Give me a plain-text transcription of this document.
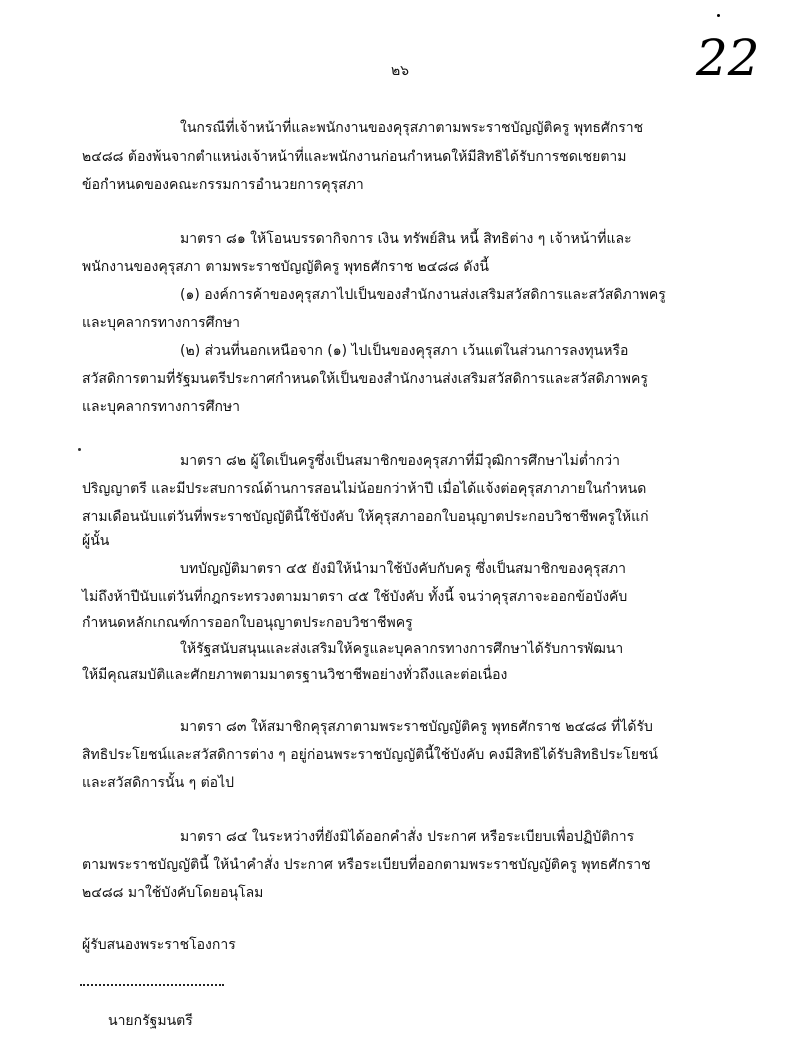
22
๒๖
ในกรณีที่เจ้าหน้าที่และพนักงานของคุรุสภาตามพระราชบัญญัติครู พุทธศักราช
๒๔๘๘ ต้องพ้นจากตำแหน่งเจ้าหน้าที่และพนักงานก่อนกำหนดให้มีสิทธิได้รับการชดเชยตาม
ข้อกำหนดของคณะกรรมการอำนวยการคุรุสภา
มาตรา ๘๑ ให้โอนบรรดากิจการ เงิน ทรัพย์สิน หนี้ สิทธิต่าง ๆ เจ้าหน้าที่และ
พนักงานของคุรุสภา ตามพระราชบัญญัติครู พุทธศักราช ๒๔๘๘ ดังนี้
(๑) องค์การค้าของคุรุสภาไปเป็นของสำนักงานส่งเสริมสวัสดิการและสวัสดิภาพครู
และบุคลากรทางการศึกษา
(๒) ส่วนที่นอกเหนือจาก (๑) ไปเป็นของคุรุสภา เว้นแต่ในส่วนการลงทุนหรือ
สวัสดิการตามที่รัฐมนตรีประกาศกำหนดให้เป็นของสำนักงานส่งเสริมสวัสดิการและสวัสดิภาพครู
และบุคลากรทางการศึกษา
มาตรา ๘๒ ผู้ใดเป็นครูซึ่งเป็นสมาชิกของคุรุสภาที่มีวุฒิการศึกษาไม่ต่ำกว่า
ปริญญาตรี และมีประสบการณ์ด้านการสอนไม่น้อยกว่าห้าปี เมื่อได้แจ้งต่อคุรุสภาภายในกำหนด
สามเดือนนับแต่วันที่พระราชบัญญัตินี้ใช้บังคับ ให้คุรุสภาออกใบอนุญาตประกอบวิชาชีพครูให้แก่
ผู้นั้น
บทบัญญัติมาตรา ๔๕ ยังมิให้นำมาใช้บังคับกับครู ซึ่งเป็นสมาชิกของคุรุสภา
ไม่ถึงห้าปีนับแต่วันที่กฎกระทรวงตามมาตรา ๔๕ ใช้บังคับ ทั้งนี้ จนว่าคุรุสภาจะออกข้อบังคับ
กำหนดหลักเกณฑ์การออกใบอนุญาตประกอบวิชาชีพครู
ให้รัฐสนับสนุนและส่งเสริมให้ครูและบุคลากรทางการศึกษาได้รับการพัฒนา
ให้มีคุณสมบัติและศักยภาพตามมาตรฐานวิชาชีพอย่างทั่วถึงและต่อเนื่อง
มาตรา ๘๓ ให้สมาชิกคุรุสภาตามพระราชบัญญัติครู พุทธศักราช ๒๔๘๘ ที่ได้รับ
สิทธิประโยชน์และสวัสดิการต่าง ๆ อยู่ก่อนพระราชบัญญัตินี้ใช้บังคับ คงมีสิทธิได้รับสิทธิประโยชน์
และสวัสดิการนั้น ๆ ต่อไป
มาตรา ๘๔ ในระหว่างที่ยังมิได้ออกคำสั่ง ประกาศ หรือระเบียบเพื่อปฏิบัติการ
ตามพระราชบัญญัตินี้ ให้นำคำสั่ง ประกาศ หรือระเบียบที่ออกตามพระราชบัญญัติครู พุทธศักราช
๒๔๘๘ มาใช้บังคับโดยอนุโลม
ผู้รับสนองพระราชโองการ
นายกรัฐมนตรี
